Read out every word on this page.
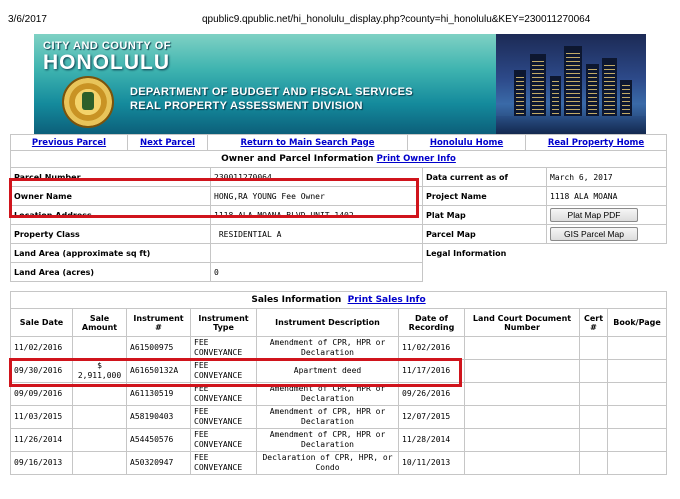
3/6/2017	qpublic9.qpublic.net/hi_honolulu_display.php?county=hi_honolulu&KEY=230011270064
CITY AND COUNTY OF
HONOLULU
DEPARTMENT OF BUDGET AND FISCAL SERVICES
REAL PROPERTY ASSESSMENT DIVISION
Previous Parcel	Next Parcel	Return to Main Search Page	Honolulu Home	Real Property Home
Owner and Parcel Information Print Owner Info			
Parcel Number	230011270064	Data current as of	March 6, 2017
Owner Name	HONG,RA YOUNG Fee Owner	Project Name	1118 ALA MOANA
Location Address	1118 ALA MOANA BLVD UNIT 1402	Plat Map	Plat Map PDF
Property Class	RESIDENTIAL A	Parcel Map	GIS Parcel Map
Land Area (approximate sq ft)		Legal Information	
Land Area (acres)	0		
Sales Information Print Sales Info								
Sale Date	Sale Amount	Instrument #	Instrument Type	Instrument Description	Date of Recording	Land Court Document Number	Cert #	Book/Page
11/02/2016		A61500975	FEE CONVEYANCE	Amendment of CPR, HPR or Declaration	11/02/2016			
09/30/2016	$ 2,911,000	A61650132A	FEE CONVEYANCE	Apartment deed	11/17/2016			
09/09/2016		A61130519	FEE CONVEYANCE	Amendment of CPR, HPR or Declaration	09/26/2016			
11/03/2015		A58190403	FEE CONVEYANCE	Amendment of CPR, HPR or Declaration	12/07/2015			
11/26/2014		A54450576	FEE CONVEYANCE	Amendment of CPR, HPR or Declaration	11/28/2014			
09/16/2013		A50320947	FEE CONVEYANCE	Declaration of CPR, HPR, or Condo	10/11/2013			
